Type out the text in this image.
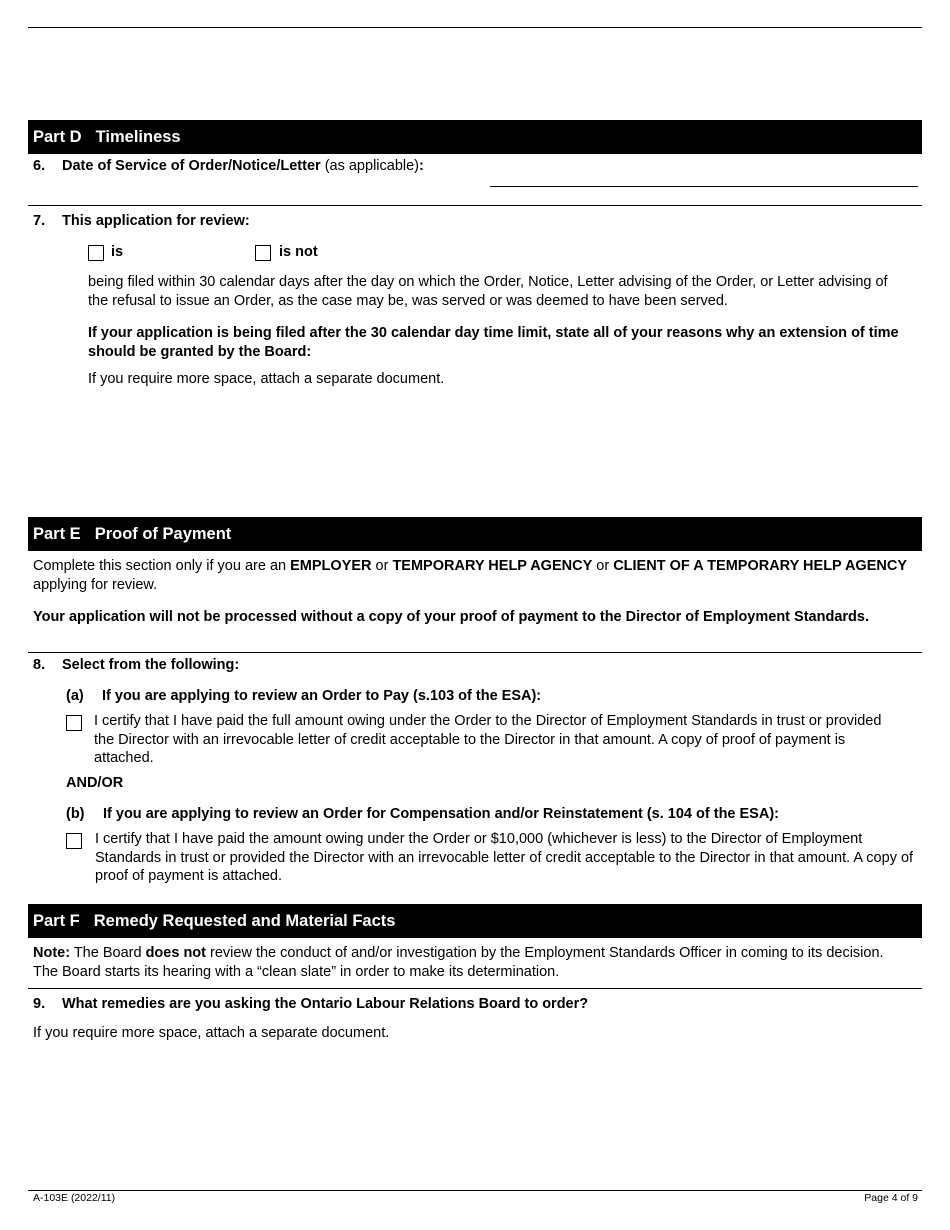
Part D Timeliness
6. Date of Service of Order/Notice/Letter (as applicable):
7. This application for review:
is	is not
being filed within 30 calendar days after the day on which the Order, Notice, Letter advising of the Order, or Letter advising of the refusal to issue an Order, as the case may be, was served or was deemed to have been served.
If your application is being filed after the 30 calendar day time limit, state all of your reasons why an extension of time should be granted by the Board:
If you require more space, attach a separate document.
Part E Proof of Payment
Complete this section only if you are an EMPLOYER or TEMPORARY HELP AGENCY or CLIENT OF A TEMPORARY HELP AGENCY applying for review.
Your application will not be processed without a copy of your proof of payment to the Director of Employment Standards.
8. Select from the following:
(a) If you are applying to review an Order to Pay (s.103 of the ESA):
I certify that I have paid the full amount owing under the Order to the Director of Employment Standards in trust or provided the Director with an irrevocable letter of credit acceptable to the Director in that amount. A copy of proof of payment is attached.
AND/OR
(b) If you are applying to review an Order for Compensation and/or Reinstatement (s. 104 of the ESA):
I certify that I have paid the amount owing under the Order or $10,000 (whichever is less) to the Director of Employment Standards in trust or provided the Director with an irrevocable letter of credit acceptable to the Director in that amount. A copy of proof of payment is attached.
Part F Remedy Requested and Material Facts
Note: The Board does not review the conduct of and/or investigation by the Employment Standards Officer in coming to its decision. The Board starts its hearing with a “clean slate” in order to make its determination.
9. What remedies are you asking the Ontario Labour Relations Board to order?
If you require more space, attach a separate document.
A-103E (2022/11)	Page 4 of 9
